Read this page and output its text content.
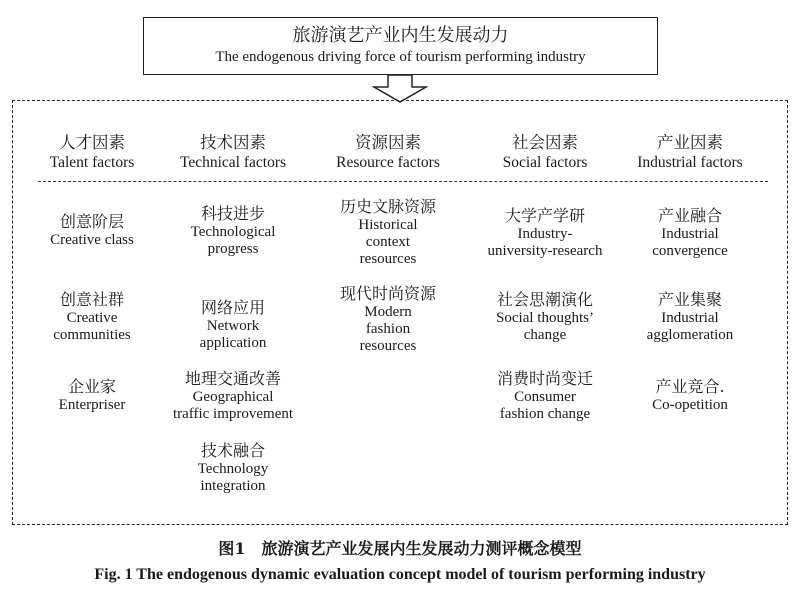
旅游演艺产业内生发展动力
The endogenous driving force of tourism performing industry
人才因素
Talent factors
技术因素
Technical factors
资源因素
Resource factors
社会因素
Social factors
产业因素
Industrial factors
创意阶层
Creative class
创意社群
Creative
communities
企业家
Enterpriser
科技进步
Technological
progress
网络应用
Network
application
地理交通改善
Geographical
traffic improvement
技术融合
Technology
integration
历史文脉资源
Historical
context
resources
现代时尚资源
Modern
fashion
resources
大学产学研
Industry-
university-research
社会思潮演化
Social thoughts’
change
消费时尚变迁
Consumer
fashion change
产业融合
Industrial
convergence
产业集聚
Industrial
agglomeration
产业竞合.
Co-opetition
图1　旅游演艺产业发展内生发展动力测评概念模型
Fig. 1 The endogenous dynamic evaluation concept model of tourism performing industry
